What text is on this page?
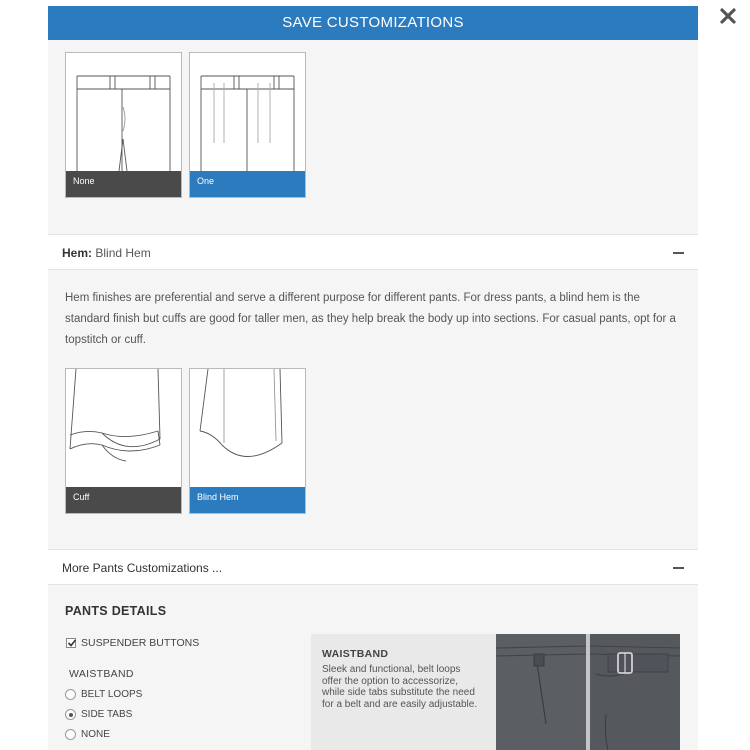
SAVE CUSTOMIZATIONS
None	One
Hem: Blind Hem

Hem finishes are preferential and serve a different purpose for different pants. For dress pants, a blind hem is the standard finish but cuffs are good for taller men, as they help break the body up into sections. For casual pants, opt for a topstitch or cuff.

Cuff	Blind Hem
More Pants Customizations ...
PANTS DETAILS
SUSPENDER BUTTONS
WAISTBAND
BELT LOOPS
SIDE TABS
NONE
WAISTBAND
Sleek and functional, belt loops offer the option to accessorize, while side tabs substitute the need for a belt and are easily adjustable.
